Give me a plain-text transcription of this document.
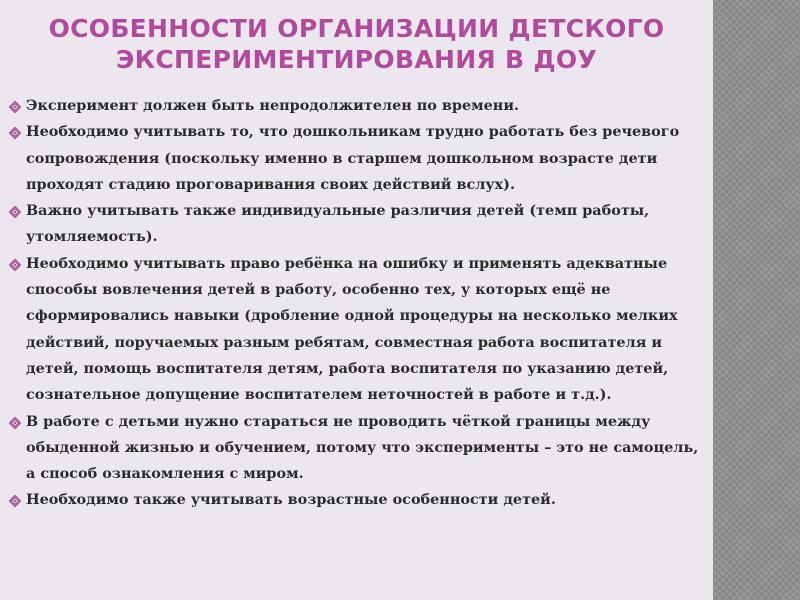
ОСОБЕННОСТИ ОРГАНИЗАЦИИ ДЕТСКОГО
ЭКСПЕРИМЕНТИРОВАНИЯ В ДОУ
Эксперимент должен быть непродолжителен по времени.
Необходимо учитывать то, что дошкольникам трудно работать без речевого сопровождения (поскольку именно в старшем дошкольном возрасте дети проходят стадию проговаривания своих действий вслух).
Важно учитывать также индивидуальные различия детей (темп работы, утомляемость).
Необходимо учитывать право ребёнка на ошибку и применять адекватные способы вовлечения детей в работу, особенно тех, у которых ещё не сформировались навыки (дробление одной процедуры на несколько мелких действий, поручаемых разным ребятам, совместная работа воспитателя и детей, помощь воспитателя детям, работа воспитателя по указанию детей, сознательное допущение воспитателем неточностей в работе и т.д.).
В работе с детьми нужно стараться не проводить чёткой границы между обыденной жизнью и обучением, потому что эксперименты – это не самоцель, а способ ознакомления с миром.
Необходимо также учитывать возрастные особенности детей.
